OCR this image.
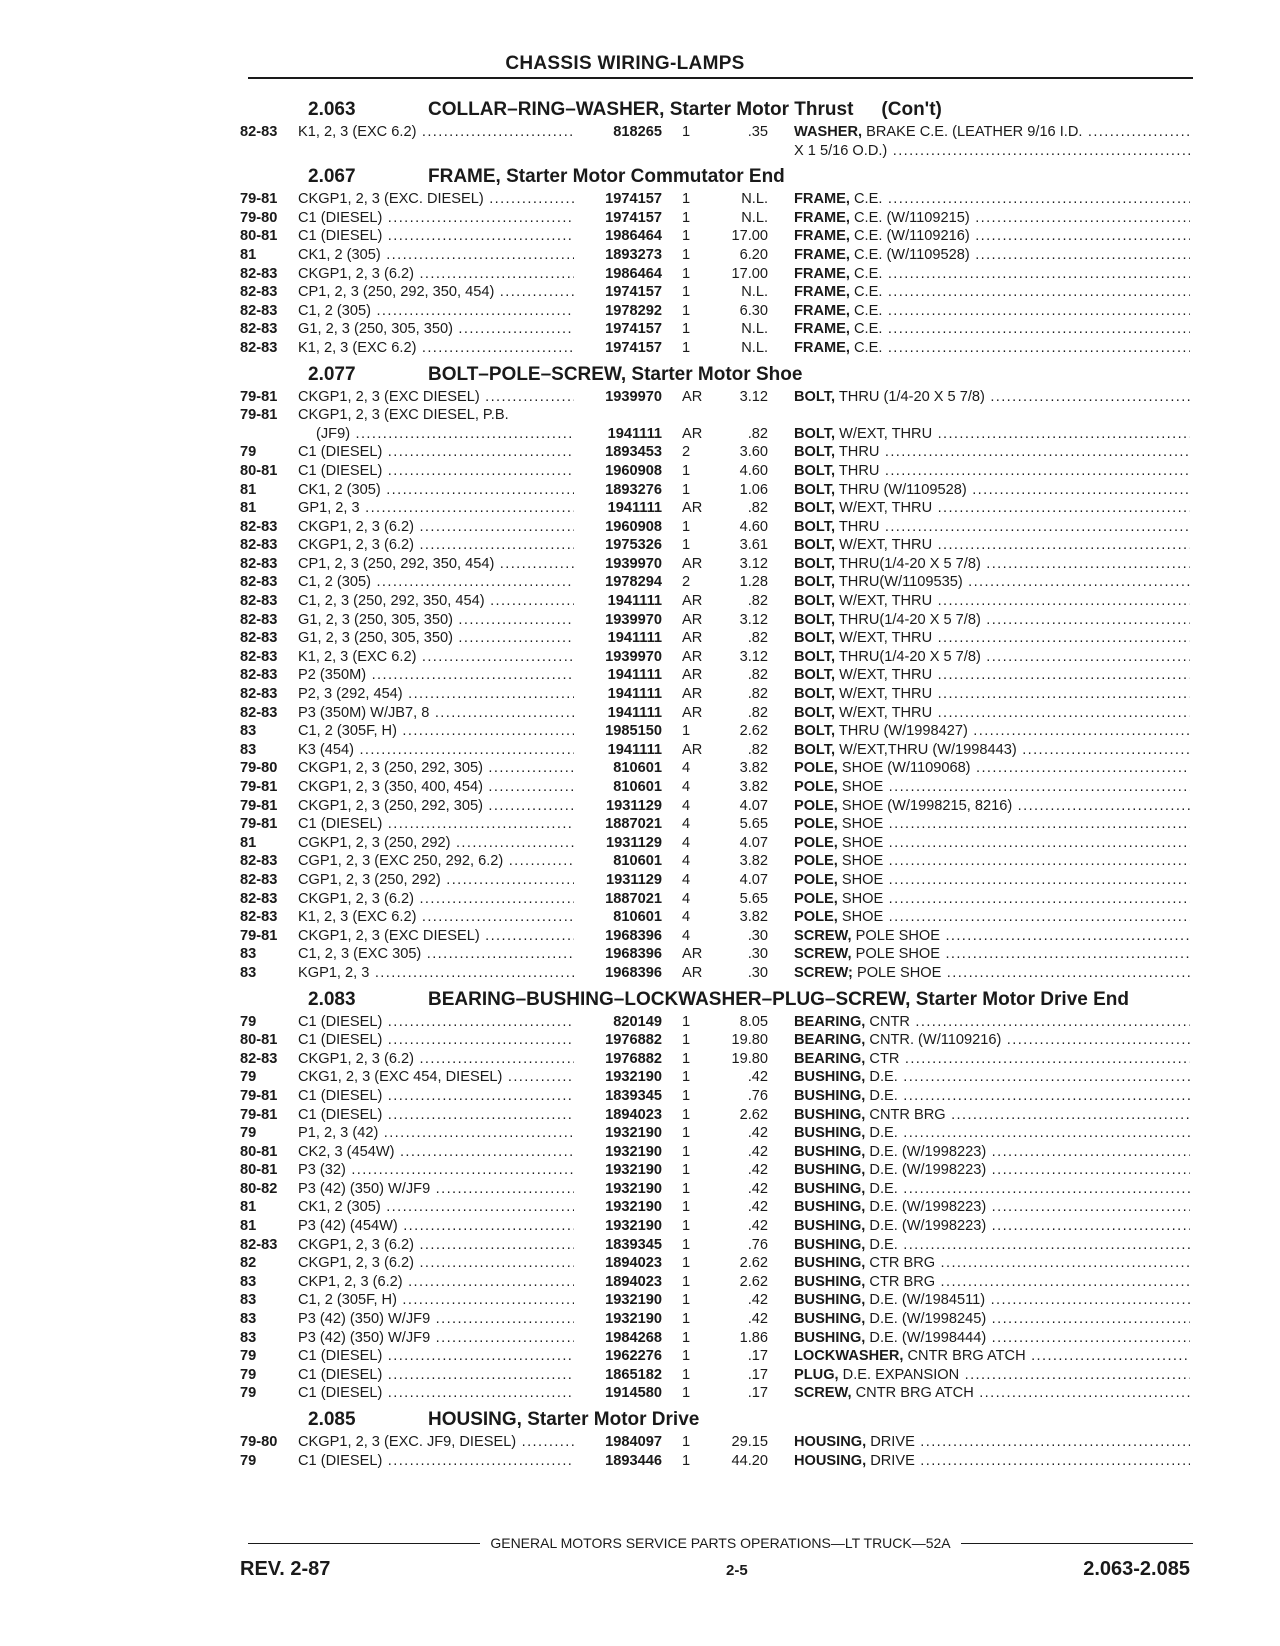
CHASSIS WIRING-LAMPS
2.063	COLLAR–RING–WASHER, Starter Motor Thrust (Con't)
82-83	K1, 2, 3 (EXC 6.2) .....	818265	1	.35	WASHER, BRAKE C.E. (LEATHER 9/16 I.D. .....
X 1 5/16 O.D.) .....
2.067	FRAME, Starter Motor Commutator End
79-81	CKGP1, 2, 3 (EXC. DIESEL) .....	1974157	1	N.L.	FRAME, C.E. .....
79-80	C1 (DIESEL) .....	1974157	1	N.L.	FRAME, C.E. (W/1109215) .....
80-81	C1 (DIESEL) .....	1986464	1	17.00	FRAME, C.E. (W/1109216) .....
81	CK1, 2 (305) .....	1893273	1	6.20	FRAME, C.E. (W/1109528) .....
82-83	CKGP1, 2, 3 (6.2) .....	1986464	1	17.00	FRAME, C.E. .....
82-83	CP1, 2, 3 (250, 292, 350, 454) .....	1974157	1	N.L.	FRAME, C.E. .....
82-83	C1, 2 (305) .....	1978292	1	6.30	FRAME, C.E. .....
82-83	G1, 2, 3 (250, 305, 350) .....	1974157	1	N.L.	FRAME, C.E. .....
82-83	K1, 2, 3 (EXC 6.2) .....	1974157	1	N.L.	FRAME, C.E. .....
2.077	BOLT–POLE–SCREW, Starter Motor Shoe
79-81	CKGP1, 2, 3 (EXC DIESEL) .....	1939970	AR	3.12	BOLT, THRU (1/4-20 X 5 7/8) .....
79-81	CKGP1, 2, 3 (EXC DIESEL, P.B.
(JF9) .....	1941111	AR	.82	BOLT, W/EXT, THRU .....
79	C1 (DIESEL) .....	1893453	2	3.60	BOLT, THRU .....
80-81	C1 (DIESEL) .....	1960908	1	4.60	BOLT, THRU .....
81	CK1, 2 (305) .....	1893276	1	1.06	BOLT, THRU (W/1109528) .....
81	GP1, 2, 3 .....	1941111	AR	.82	BOLT, W/EXT, THRU .....
82-83	CKGP1, 2, 3 (6.2) .....	1960908	1	4.60	BOLT, THRU .....
82-83	CKGP1, 2, 3 (6.2) .....	1975326	1	3.61	BOLT, W/EXT, THRU .....
82-83	CP1, 2, 3 (250, 292, 350, 454) .....	1939970	AR	3.12	BOLT, THRU(1/4-20 X 5 7/8) .....
82-83	C1, 2 (305) .....	1978294	2	1.28	BOLT, THRU(W/1109535) .....
82-83	C1, 2, 3 (250, 292, 350, 454) .....	1941111	AR	.82	BOLT, W/EXT, THRU .....
82-83	G1, 2, 3 (250, 305, 350) .....	1939970	AR	3.12	BOLT, THRU(1/4-20 X 5 7/8) .....
82-83	G1, 2, 3 (250, 305, 350) .....	1941111	AR	.82	BOLT, W/EXT, THRU .....
82-83	K1, 2, 3 (EXC 6.2) .....	1939970	AR	3.12	BOLT, THRU(1/4-20 X 5 7/8) .....
82-83	P2 (350M) .....	1941111	AR	.82	BOLT, W/EXT, THRU .....
82-83	P2, 3 (292, 454) .....	1941111	AR	.82	BOLT, W/EXT, THRU .....
82-83	P3 (350M) W/JB7, 8 .....	1941111	AR	.82	BOLT, W/EXT, THRU .....
83	C1, 2 (305F, H) .....	1985150	1	2.62	BOLT, THRU (W/1998427) .....
83	K3 (454) .....	1941111	AR	.82	BOLT, W/EXT,THRU (W/1998443) .....
79-80	CKGP1, 2, 3 (250, 292, 305) .....	810601	4	3.82	POLE, SHOE (W/1109068) .....
79-81	CKGP1, 2, 3 (350, 400, 454) .....	810601	4	3.82	POLE, SHOE .....
79-81	CKGP1, 2, 3 (250, 292, 305) .....	1931129	4	4.07	POLE, SHOE (W/1998215, 8216) .....
79-81	C1 (DIESEL) .....	1887021	4	5.65	POLE, SHOE .....
81	CGKP1, 2, 3 (250, 292) .....	1931129	4	4.07	POLE, SHOE .....
82-83	CGP1, 2, 3 (EXC 250, 292, 6.2) .....	810601	4	3.82	POLE, SHOE .....
82-83	CGP1, 2, 3 (250, 292) .....	1931129	4	4.07	POLE, SHOE .....
82-83	CKGP1, 2, 3 (6.2) .....	1887021	4	5.65	POLE, SHOE .....
82-83	K1, 2, 3 (EXC 6.2) .....	810601	4	3.82	POLE, SHOE .....
79-81	CKGP1, 2, 3 (EXC DIESEL) .....	1968396	4	.30	SCREW, POLE SHOE .....
83	C1, 2, 3 (EXC 305) .....	1968396	AR	.30	SCREW, POLE SHOE .....
83	KGP1, 2, 3 .....	1968396	AR	.30	SCREW; POLE SHOE .....
2.083	BEARING–BUSHING–LOCKWASHER–PLUG–SCREW, Starter Motor Drive End
79	C1 (DIESEL) .....	820149	1	8.05	BEARING, CNTR .....
80-81	C1 (DIESEL) .....	1976882	1	19.80	BEARING, CNTR. (W/1109216) .....
82-83	CKGP1, 2, 3 (6.2) .....	1976882	1	19.80	BEARING, CTR .....
79	CKG1, 2, 3 (EXC 454, DIESEL) .....	1932190	1	.42	BUSHING, D.E. .....
79-81	C1 (DIESEL) .....	1839345	1	.76	BUSHING, D.E. .....
79-81	C1 (DIESEL) .....	1894023	1	2.62	BUSHING, CNTR BRG .....
79	P1, 2, 3 (42) .....	1932190	1	.42	BUSHING, D.E. .....
80-81	CK2, 3 (454W) .....	1932190	1	.42	BUSHING, D.E. (W/1998223) .....
80-81	P3 (32) .....	1932190	1	.42	BUSHING, D.E. (W/1998223) .....
80-82	P3 (42) (350) W/JF9 .....	1932190	1	.42	BUSHING, D.E. .....
81	CK1, 2 (305) .....	1932190	1	.42	BUSHING, D.E. (W/1998223) .....
81	P3 (42) (454W) .....	1932190	1	.42	BUSHING, D.E. (W/1998223) .....
82-83	CKGP1, 2, 3 (6.2) .....	1839345	1	.76	BUSHING, D.E. .....
82	CKGP1, 2, 3 (6.2) .....	1894023	1	2.62	BUSHING, CTR BRG .....
83	CKP1, 2, 3 (6.2) .....	1894023	1	2.62	BUSHING, CTR BRG .....
83	C1, 2 (305F, H) .....	1932190	1	.42	BUSHING, D.E. (W/1984511) .....
83	P3 (42) (350) W/JF9 .....	1932190	1	.42	BUSHING, D.E. (W/1998245) .....
83	P3 (42) (350) W/JF9 .....	1984268	1	1.86	BUSHING, D.E. (W/1998444) .....
79	C1 (DIESEL) .....	1962276	1	.17	LOCKWASHER, CNTR BRG ATCH .....
79	C1 (DIESEL) .....	1865182	1	.17	PLUG, D.E. EXPANSION .....
79	C1 (DIESEL) .....	1914580	1	.17	SCREW, CNTR BRG ATCH .....
2.085	HOUSING, Starter Motor Drive
79-80	CKGP1, 2, 3 (EXC. JF9, DIESEL) .....	1984097	1	29.15	HOUSING, DRIVE .....
79	C1 (DIESEL) .....	1893446	1	44.20	HOUSING, DRIVE .....
GENERAL MOTORS SERVICE PARTS OPERATIONS—LT TRUCK—52A
REV. 2-87	2-5	2.063-2.085
